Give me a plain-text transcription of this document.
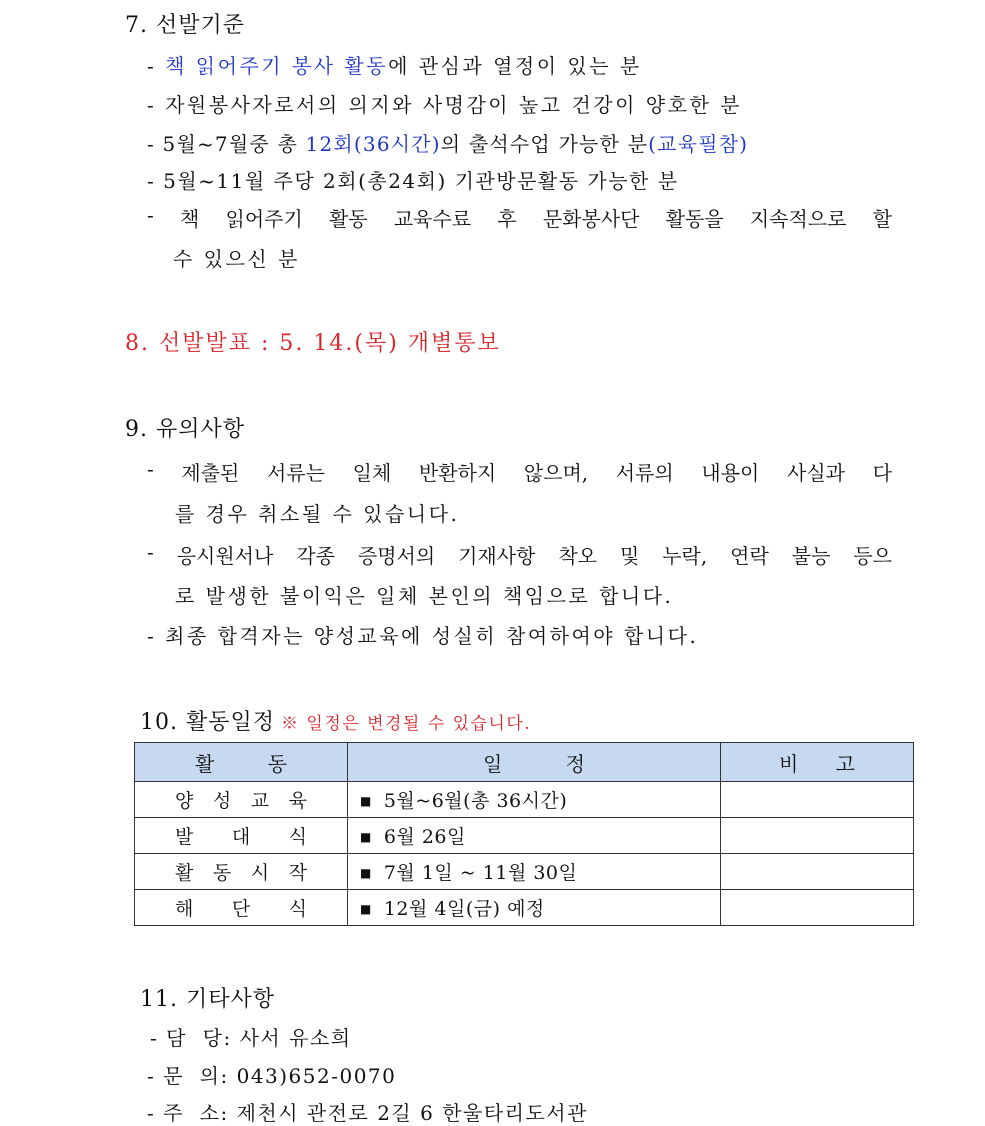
7. 선발기준
- 책 읽어주기 봉사 활동에 관심과 열정이 있는 분
- 자원봉사자로서의 의지와 사명감이 높고 건강이 양호한 분
- 5월~7월중 총 12회(36시간)의 출석수업 가능한 분(교육필참)
- 5월~11월 주당 2회(총24회) 기관방문활동 가능한 분
- 책 읽어주기 활동 교육수료 후 문화봉사단 활동을 지속적으로 할
수 있으신 분
8. 선발발표 : 5. 14.(목) 개별통보
9. 유의사항
- 제출된 서류는 일체 반환하지 않으며, 서류의 내용이 사실과 다
를 경우 취소될 수 있습니다.
- 응시원서나 각종 증명서의 기재사항 착오 및 누락, 연락 불능 등으
로 발생한 불이익은 일체 본인의 책임으로 합니다.
- 최종 합격자는 양성교육에 성실히 참여하여야 합니다.
10. 활동일정 ※ 일정은 변경될 수 있습니다.
활 동	일 정	비 고

양 성 교 육	■ 5월~6월(총 36시간)	

발 대 식	■ 6월 26일	

활 동 시 작	■ 7월 1일 ~ 11월 30일	

해 단 식	■ 12월 4일(금) 예정	
11. 기타사항
- 담  당: 사서 유소희
- 문  의: 043)652-0070
- 주  소: 제천시 관전로 2길 6 한울타리도서관
